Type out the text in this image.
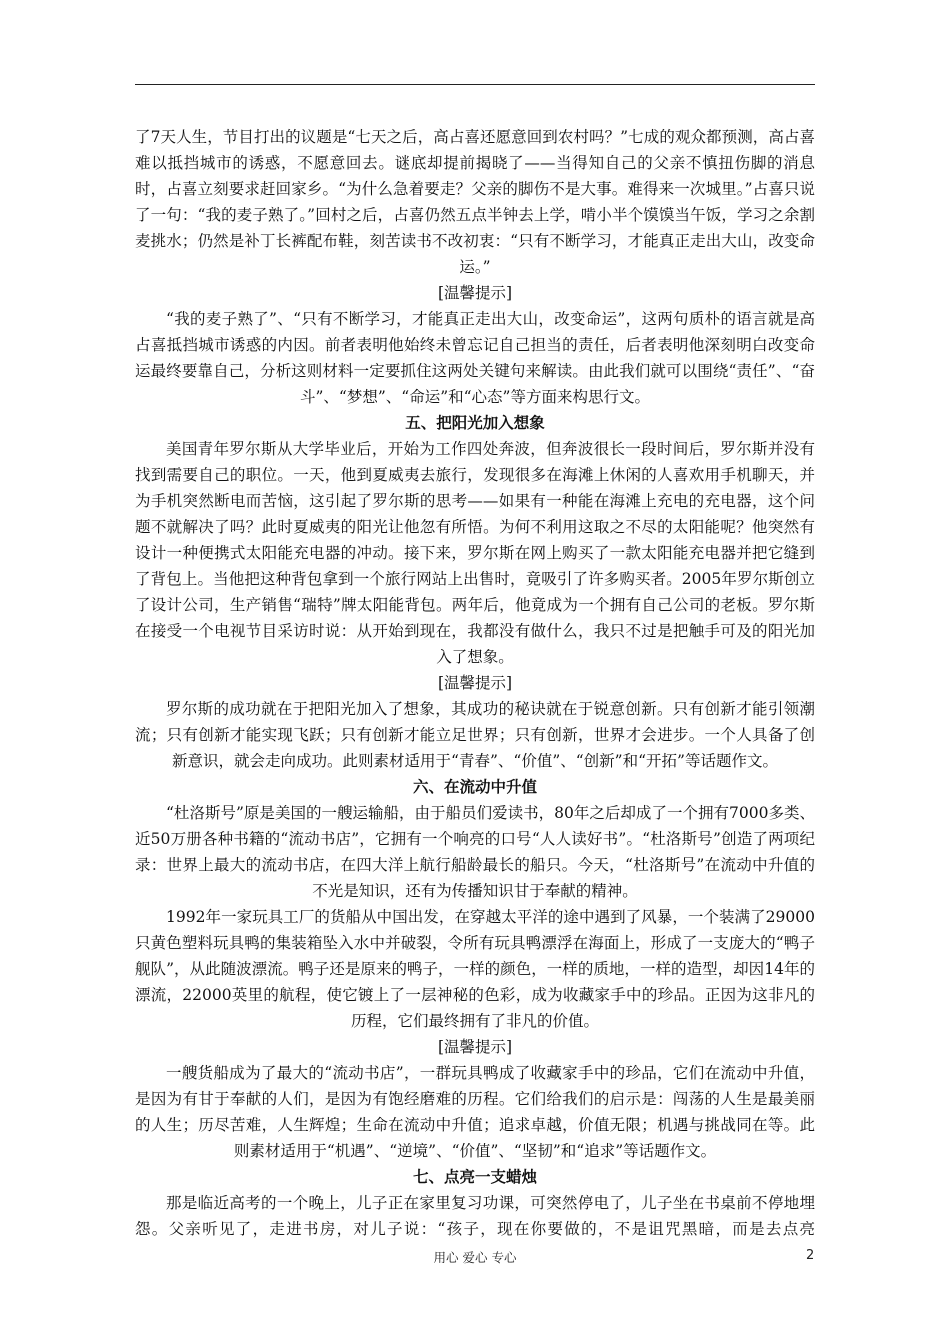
了7天人生，节目打出的议题是“七天之后，高占喜还愿意回到农村吗？”七成的观众都预测，高占喜难以抵挡城市的诱惑，不愿意回去。谜底却提前揭晓了——当得知自己的父亲不慎扭伤脚的消息时，占喜立刻要求赶回家乡。“为什么急着要走？父亲的脚伤不是大事。难得来一次城里。”占喜只说了一句：“我的麦子熟了。”回村之后，占喜仍然五点半钟去上学，啃小半个馍馍当午饭，学习之余割麦挑水；仍然是补丁长裤配布鞋，刻苦读书不改初衷：“只有不断学习，才能真正走出大山，改变命运。”

[温馨提示]

“我的麦子熟了”、“只有不断学习，才能真正走出大山，改变命运”，这两句质朴的语言就是高占喜抵挡城市诱惑的内因。前者表明他始终未曾忘记自己担当的责任，后者表明他深刻明白改变命运最终要靠自己，分析这则材料一定要抓住这两处关键句来解读。由此我们就可以围绕“责任”、“奋斗”、“梦想”、“命运”和“心态”等方面来构思行文。

五、把阳光加入想象

美国青年罗尔斯从大学毕业后，开始为工作四处奔波，但奔波很长一段时间后，罗尔斯并没有找到需要自己的职位。一天，他到夏威夷去旅行，发现很多在海滩上休闲的人喜欢用手机聊天，并为手机突然断电而苦恼，这引起了罗尔斯的思考——如果有一种能在海滩上充电的充电器，这个问题不就解决了吗？此时夏威夷的阳光让他忽有所悟。为何不利用这取之不尽的太阳能呢？他突然有设计一种便携式太阳能充电器的冲动。接下来，罗尔斯在网上购买了一款太阳能充电器并把它缝到了背包上。当他把这种背包拿到一个旅行网站上出售时，竟吸引了许多购买者。2005年罗尔斯创立了设计公司，生产销售“瑞特”牌太阳能背包。两年后，他竟成为一个拥有自己公司的老板。罗尔斯在接受一个电视节目采访时说：从开始到现在，我都没有做什么，我只不过是把触手可及的阳光加入了想象。

[温馨提示]

罗尔斯的成功就在于把阳光加入了想象，其成功的秘诀就在于锐意创新。只有创新才能引领潮流；只有创新才能实现飞跃；只有创新才能立足世界；只有创新，世界才会进步。一个人具备了创新意识，就会走向成功。此则素材适用于“青春”、“价值”、“创新”和“开拓”等话题作文。

六、在流动中升值

“杜洛斯号”原是美国的一艘运输船，由于船员们爱读书，80年之后却成了一个拥有7000多类、近50万册各种书籍的“流动书店”，它拥有一个响亮的口号“人人读好书”。“杜洛斯号”创造了两项纪录：世界上最大的流动书店，在四大洋上航行船龄最长的船只。今天，“杜洛斯号”在流动中升值的不光是知识，还有为传播知识甘于奉献的精神。

1992年一家玩具工厂的货船从中国出发，在穿越太平洋的途中遇到了风暴，一个装满了29000只黄色塑料玩具鸭的集装箱坠入水中并破裂，令所有玩具鸭漂浮在海面上，形成了一支庞大的“鸭子舰队”，从此随波漂流。鸭子还是原来的鸭子，一样的颜色，一样的质地，一样的造型，却因14年的漂流，22000英里的航程，使它镀上了一层神秘的色彩，成为收藏家手中的珍品。正因为这非凡的历程，它们最终拥有了非凡的价值。

[温馨提示]

一艘货船成为了最大的“流动书店”，一群玩具鸭成了收藏家手中的珍品，它们在流动中升值，是因为有甘于奉献的人们，是因为有饱经磨难的历程。它们给我们的启示是：闯荡的人生是最美丽的人生；历尽苦难，人生辉煌；生命在流动中升值；追求卓越，价值无限；机遇与挑战同在等。此则素材适用于“机遇”、“逆境”、“价值”、“坚韧”和“追求”等话题作文。

七、点亮一支蜡烛

那是临近高考的一个晚上，儿子正在家里复习功课，可突然停电了，儿子坐在书桌前不停地埋怨。父亲听见了，走进书房，对儿子说：“孩子，现在你要做的，不是诅咒黑暗，而是去点亮

用心 爱心 专心	2
